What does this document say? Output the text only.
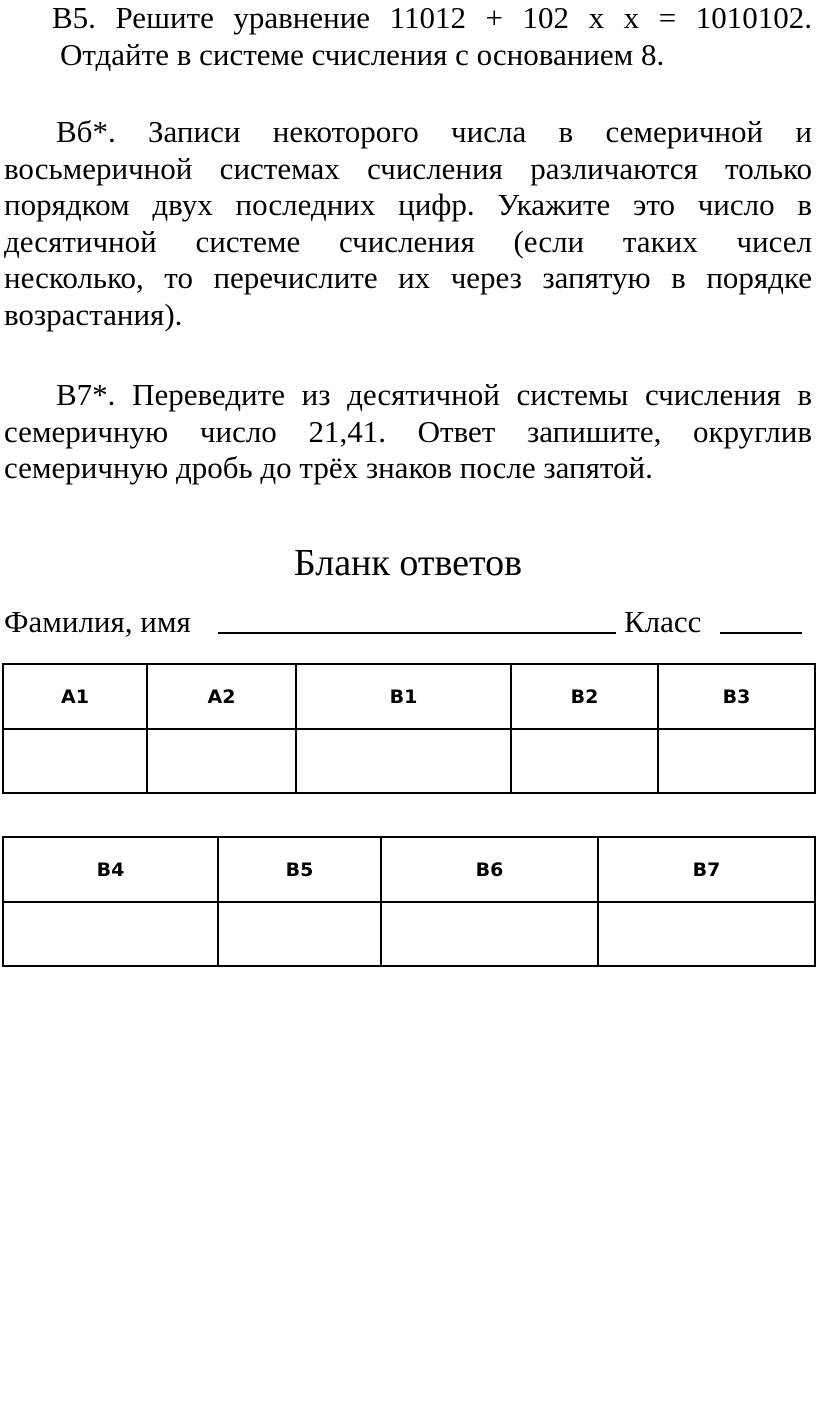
B5. Решите уравнение 11012 + 102 x x = 1010102.
Отдайте в системе счисления с основанием 8.
Вб*. Записи некоторого числа в семеричной и
восьмеричной системах счисления различаются только
порядком двух последних цифр. Укажите это число в
десятичной системе счисления (если таких чисел
несколько, то перечислите их через запятую в порядке
возрастания).
B7*. Переведите из десятичной системы счисления в
семеричную число 21,41. Ответ запишите, округлив
семеричную дробь до трёх знаков после запятой.
Бланк ответов
Фамилия, имя	Класс
A1	A2	B1	B2	B3

B4	B5	B6	B7
